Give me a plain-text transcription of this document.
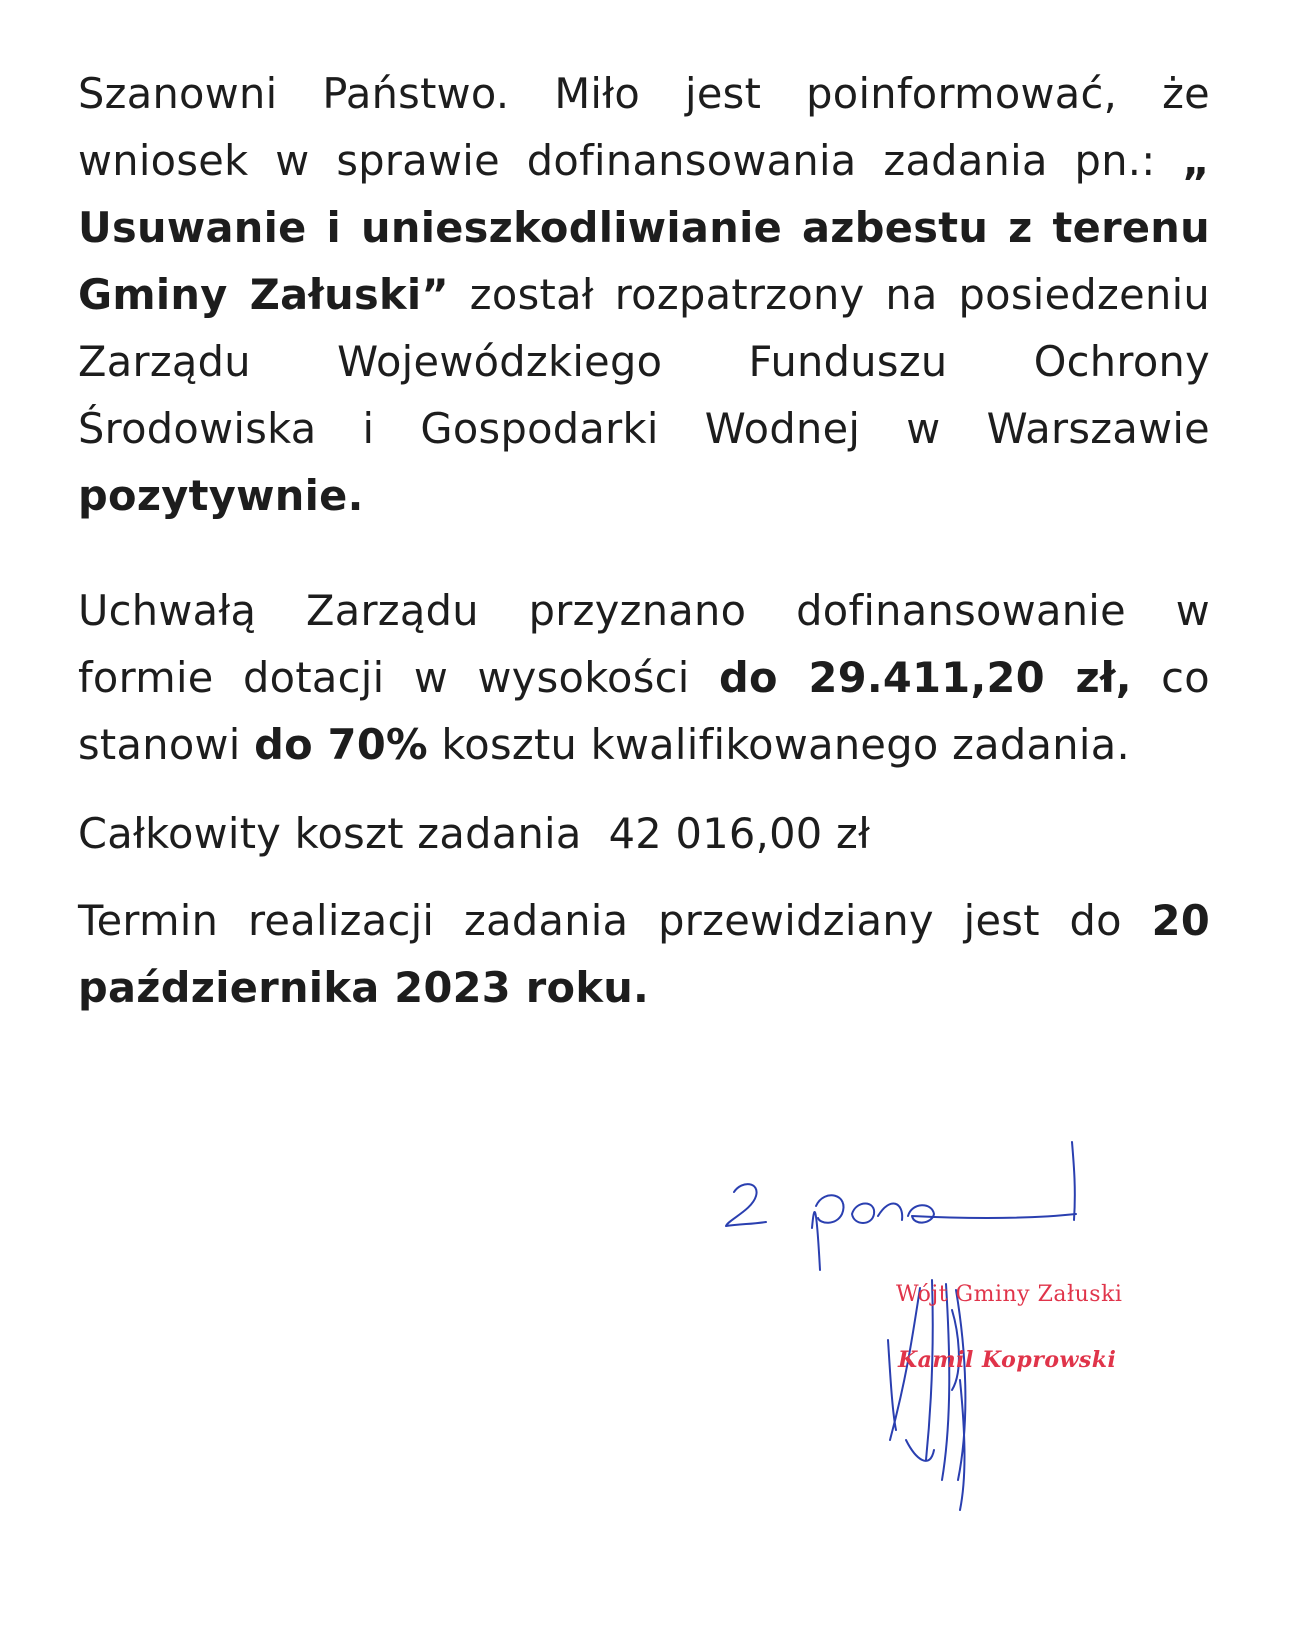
Szanowni Państwo. Miło jest poinformować, że wniosek w sprawie dofinansowania zadania pn.: „ Usuwanie i unieszkodliwianie azbestu z terenu Gminy Załuski” został rozpatrzony na posiedzeniu Zarządu Wojewódzkiego Funduszu Ochrony Środowiska i Gospodarki Wodnej w Warszawie pozytywnie.

Uchwałą Zarządu przyznano dofinansowanie w formie dotacji w wysokości do 29.411,20 zł, co stanowi do 70% kosztu kwalifikowanego zadania.

Całkowity koszt zadania  42 016,00 zł

Termin realizacji zadania przewidziany jest do 20 października 2023 roku.

Wójt Gminy Załuski
Kamil Koprowski
